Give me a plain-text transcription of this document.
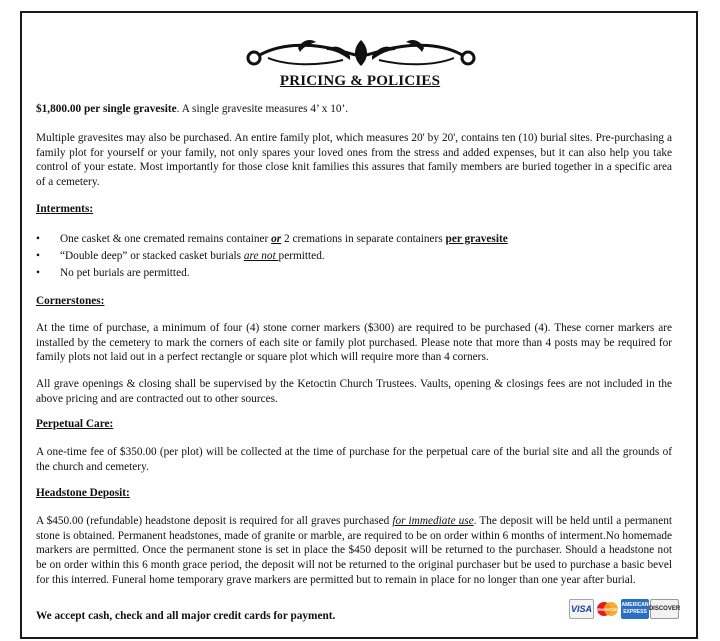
PRICING & POLICIES
$1,800.00 per single gravesite. A single gravesite measures 4’ x 10’.
Multiple gravesites may also be purchased. An entire family plot, which measures 20' by 20', contains ten (10) burial sites. Pre-purchasing a family plot for yourself or your family, not only spares your loved ones from the stress and added expenses, but it can also help you take control of your estate. Most importantly for those close knit families this assures that family members are buried together in a specific area of a cemetery.
Interments:
• One casket & one cremated remains container or 2 cremations in separate containers per gravesite
• “Double deep” or stacked casket burials are not permitted.
• No pet burials are permitted.
Cornerstones:
At the time of purchase, a minimum of four (4) stone corner markers ($300) are required to be purchased (4). These corner markers are installed by the cemetery to mark the corners of each site or family plot purchased. Please note that more than 4 posts may be required for family plots not laid out in a perfect rectangle or square plot which will require more than 4 corners.
All grave openings & closing shall be supervised by the Ketoctin Church Trustees. Vaults, opening & closings fees are not included in the above pricing and are contracted out to other sources.
Perpetual Care:
A one-time fee of $350.00 (per plot) will be collected at the time of purchase for the perpetual care of the burial site and all the grounds of the church and cemetery.
Headstone Deposit:
A $450.00 (refundable) headstone deposit is required for all graves purchased for immediate use. The deposit will be held until a permanent stone is obtained. Permanent headstones, made of granite or marble, are required to be on order within 6 months of interment.No homemade markers are permitted. Once the permanent stone is set in place the $450 deposit will be returned to the purchaser. Should a headstone not be on order within this 6 month grace period, the deposit will not be returned to the original purchaser but be used to purchase a basic bevel for this interred. Funeral home temporary grave markers are permitted but to remain in place for no longer than one year after burial.
We accept cash, check and all major credit cards for payment.
VISA MasterCard
AMERICAN EXPRESS
DISCOVER
